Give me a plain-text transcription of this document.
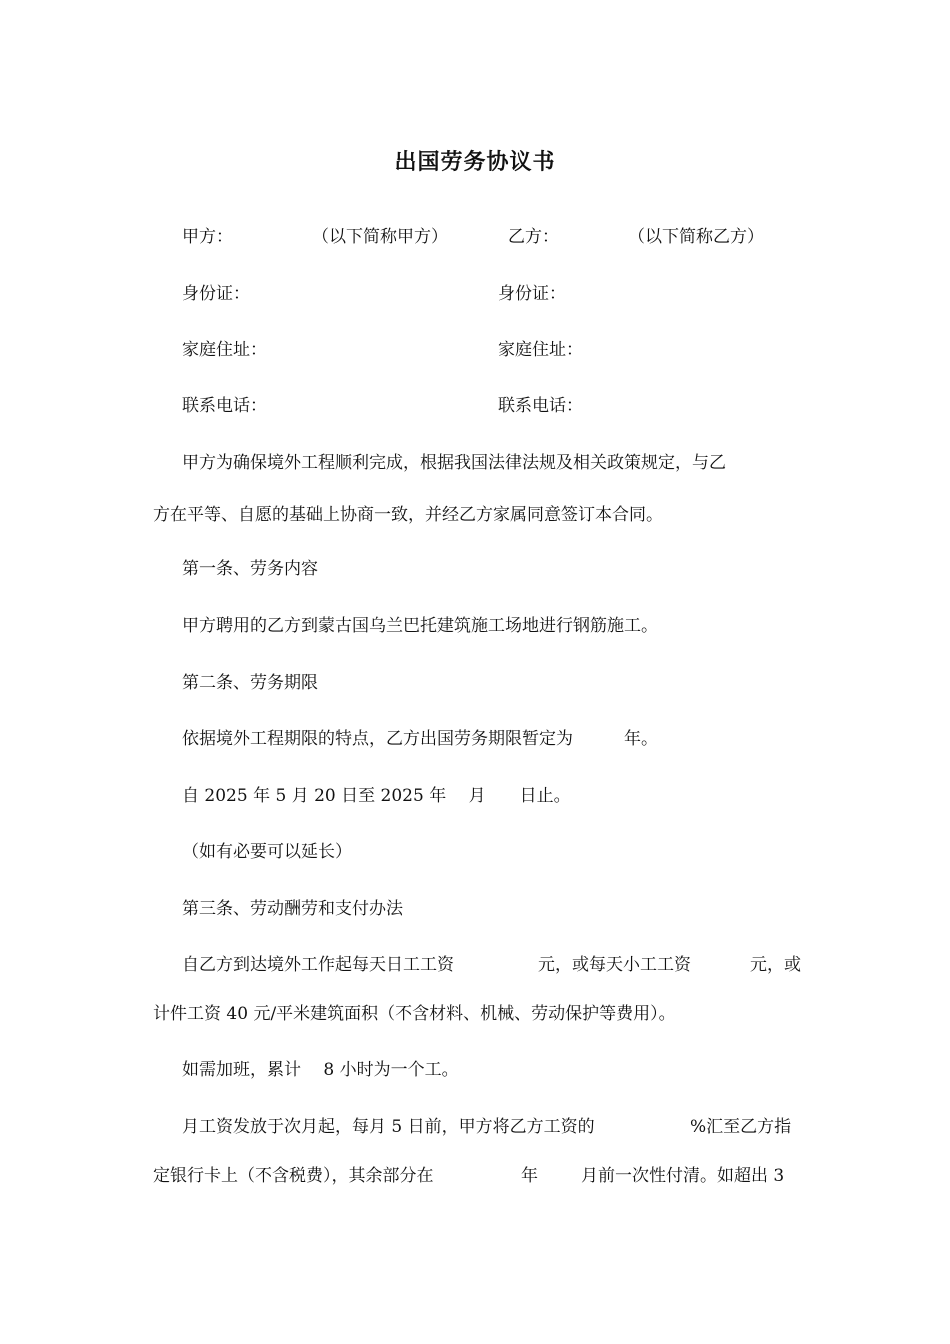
出国劳务协议书
甲方：	（以下简称甲方）	乙方：	（以下简称乙方）
身份证：	身份证：
家庭住址：	家庭住址：
联系电话：	联系电话：
甲方为确保境外工程顺利完成，根据我国法律法规及相关政策规定，与乙
方在平等、自愿的基础上协商一致，并经乙方家属同意签订本合同。
第一条、劳务内容
甲方聘用的乙方到蒙古国乌兰巴托建筑施工场地进行钢筋施工。
第二条、劳务期限
依据境外工程期限的特点，乙方出国劳务期限暂定为　　　年。
自 2025 年 5 月 20 日至 2025 年　 月　　日止。
（如有必要可以延长）
第三条、劳动酬劳和支付办法
自乙方到达境外工作起每天日工工资	元，或每天小工工资	元，或
计件工资 40 元/平米建筑面积（不含材料、机械、劳动保护等费用）。
如需加班，累计　 8 小时为一个工。
月工资发放于次月起，每月 5 日前，甲方将乙方工资的	%汇至乙方指
定银行卡上（不含税费），其余部分在	年	月前一次性付清。如超出 3
